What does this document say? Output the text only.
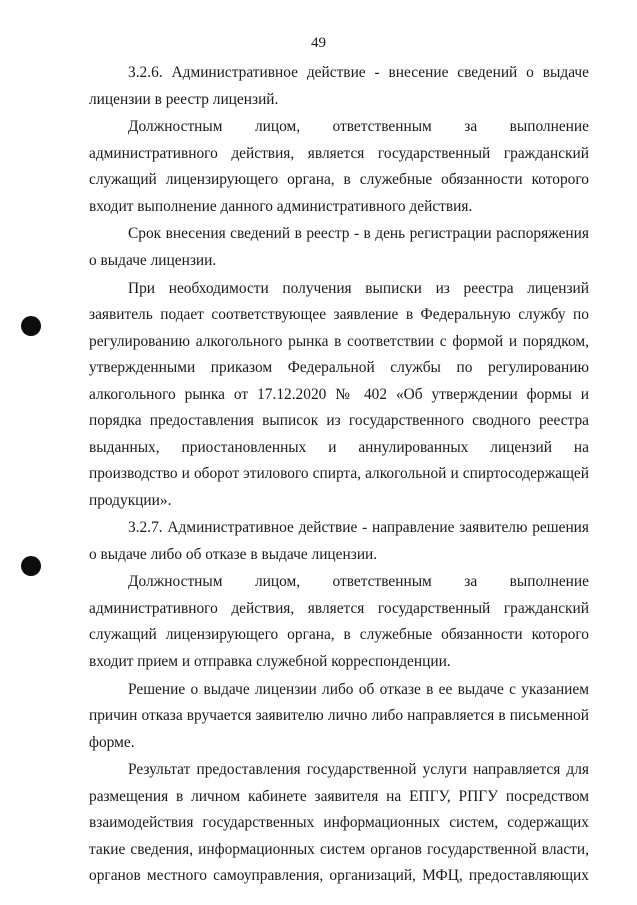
49

3.2.6. Административное действие - внесение сведений о выдаче лицензии в реестр лицензий.

Должностным лицом, ответственным за выполнение административного действия, является государственный гражданский служащий лицензирующего органа, в служебные обязанности которого входит выполнение данного административного действия.

Срок внесения сведений в реестр - в день регистрации распоряжения о выдаче лицензии.

При необходимости получения выписки из реестра лицензий заявитель подает соответствующее заявление в Федеральную службу по регулированию алкогольного рынка в соответствии с формой и порядком, утвержденными приказом Федеральной службы по регулированию алкогольного рынка от 17.12.2020 № 402 «Об утверждении формы и порядка предоставления выписок из государственного сводного реестра выданных, приостановленных и аннулированных лицензий на производство и оборот этилового спирта, алкогольной и спиртосодержащей продукции».

3.2.7. Административное действие - направление заявителю решения о выдаче либо об отказе в выдаче лицензии.

Должностным лицом, ответственным за выполнение административного действия, является государственный гражданский служащий лицензирующего органа, в служебные обязанности которого входит прием и отправка служебной корреспонденции.

Решение о выдаче лицензии либо об отказе в ее выдаче с указанием причин отказа вручается заявителю лично либо направляется в письменной форме.

Результат предоставления государственной услуги направляется для размещения в личном кабинете заявителя на ЕПГУ, РПГУ посредством взаимодействия государственных информационных систем, содержащих такие сведения, информационных систем органов государственной власти, органов местного самоуправления, организаций, МФЦ, предоставляющих
